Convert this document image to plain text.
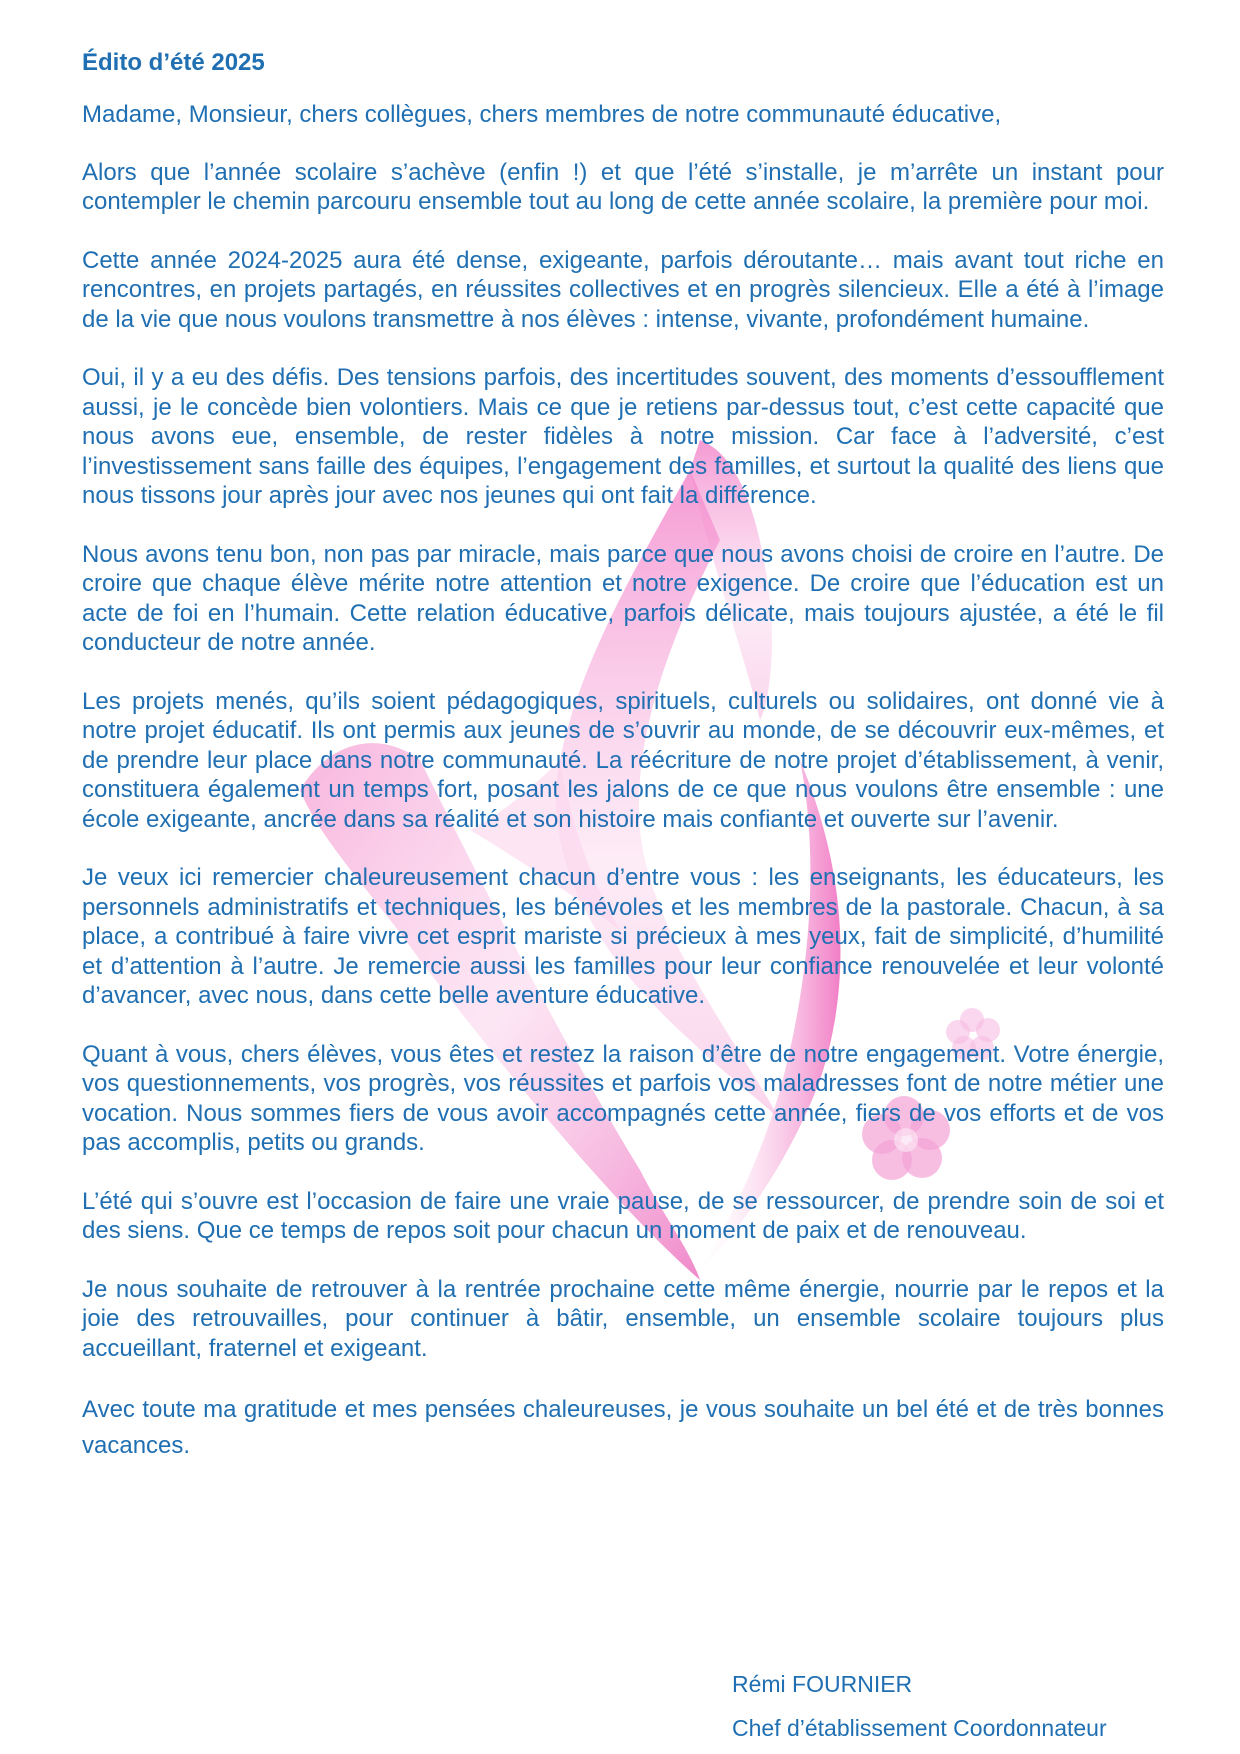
Édito d’été 2025

Madame, Monsieur, chers collègues, chers membres de notre communauté éducative,

Alors que l’année scolaire s’achève (enfin !) et que l’été s’installe, je m’arrête un instant pour contempler le chemin parcouru ensemble tout au long de cette année scolaire, la première pour moi.

Cette année 2024-2025 aura été dense, exigeante, parfois déroutante… mais avant tout riche en rencontres, en projets partagés, en réussites collectives et en progrès silencieux. Elle a été à l’image de la vie que nous voulons transmettre à nos élèves : intense, vivante, profondément humaine.

Oui, il y a eu des défis. Des tensions parfois, des incertitudes souvent, des moments d’essoufflement aussi, je le concède bien volontiers. Mais ce que je retiens par-dessus tout, c’est cette capacité que nous avons eue, ensemble, de rester fidèles à notre mission. Car face à l’adversité, c’est l’investissement sans faille des équipes, l’engagement des familles, et surtout la qualité des liens que nous tissons jour après jour avec nos jeunes qui ont fait la différence.

Nous avons tenu bon, non pas par miracle, mais parce que nous avons choisi de croire en l’autre. De croire que chaque élève mérite notre attention et notre exigence. De croire que l’éducation est un acte de foi en l’humain. Cette relation éducative, parfois délicate, mais toujours ajustée, a été le fil conducteur de notre année.

Les projets menés, qu’ils soient pédagogiques, spirituels, culturels ou solidaires, ont donné vie à notre projet éducatif. Ils ont permis aux jeunes de s’ouvrir au monde, de se découvrir eux-mêmes, et de prendre leur place dans notre communauté. La réécriture de notre projet d’établissement, à venir, constituera également un temps fort, posant les jalons de ce que nous voulons être ensemble : une école exigeante, ancrée dans sa réalité et son histoire mais confiante et ouverte sur l’avenir.

Je veux ici remercier chaleureusement chacun d’entre vous : les enseignants, les éducateurs, les personnels administratifs et techniques, les bénévoles et les membres de la pastorale. Chacun, à sa place, a contribué à faire vivre cet esprit mariste si précieux à mes yeux, fait de simplicité, d’humilité et d’attention à l’autre. Je remercie aussi les familles pour leur confiance renouvelée et leur volonté d’avancer, avec nous, dans cette belle aventure éducative.

Quant à vous, chers élèves, vous êtes et restez la raison d’être de notre engagement. Votre énergie, vos questionnements, vos progrès, vos réussites et parfois vos maladresses font de notre métier une vocation. Nous sommes fiers de vous avoir accompagnés cette année, fiers de vos efforts et de vos pas accomplis, petits ou grands.

L’été qui s’ouvre est l’occasion de faire une vraie pause, de se ressourcer, de prendre soin de soi et des siens. Que ce temps de repos soit pour chacun un moment de paix et de renouveau.

Je nous souhaite de retrouver à la rentrée prochaine cette même énergie, nourrie par le repos et la joie des retrouvailles, pour continuer à bâtir, ensemble, un ensemble scolaire toujours plus accueillant, fraternel et exigeant.

Avec toute ma gratitude et mes pensées chaleureuses, je vous souhaite un bel été et de très bonnes vacances.

Rémi FOURNIER
Chef d’établissement Coordonnateur
